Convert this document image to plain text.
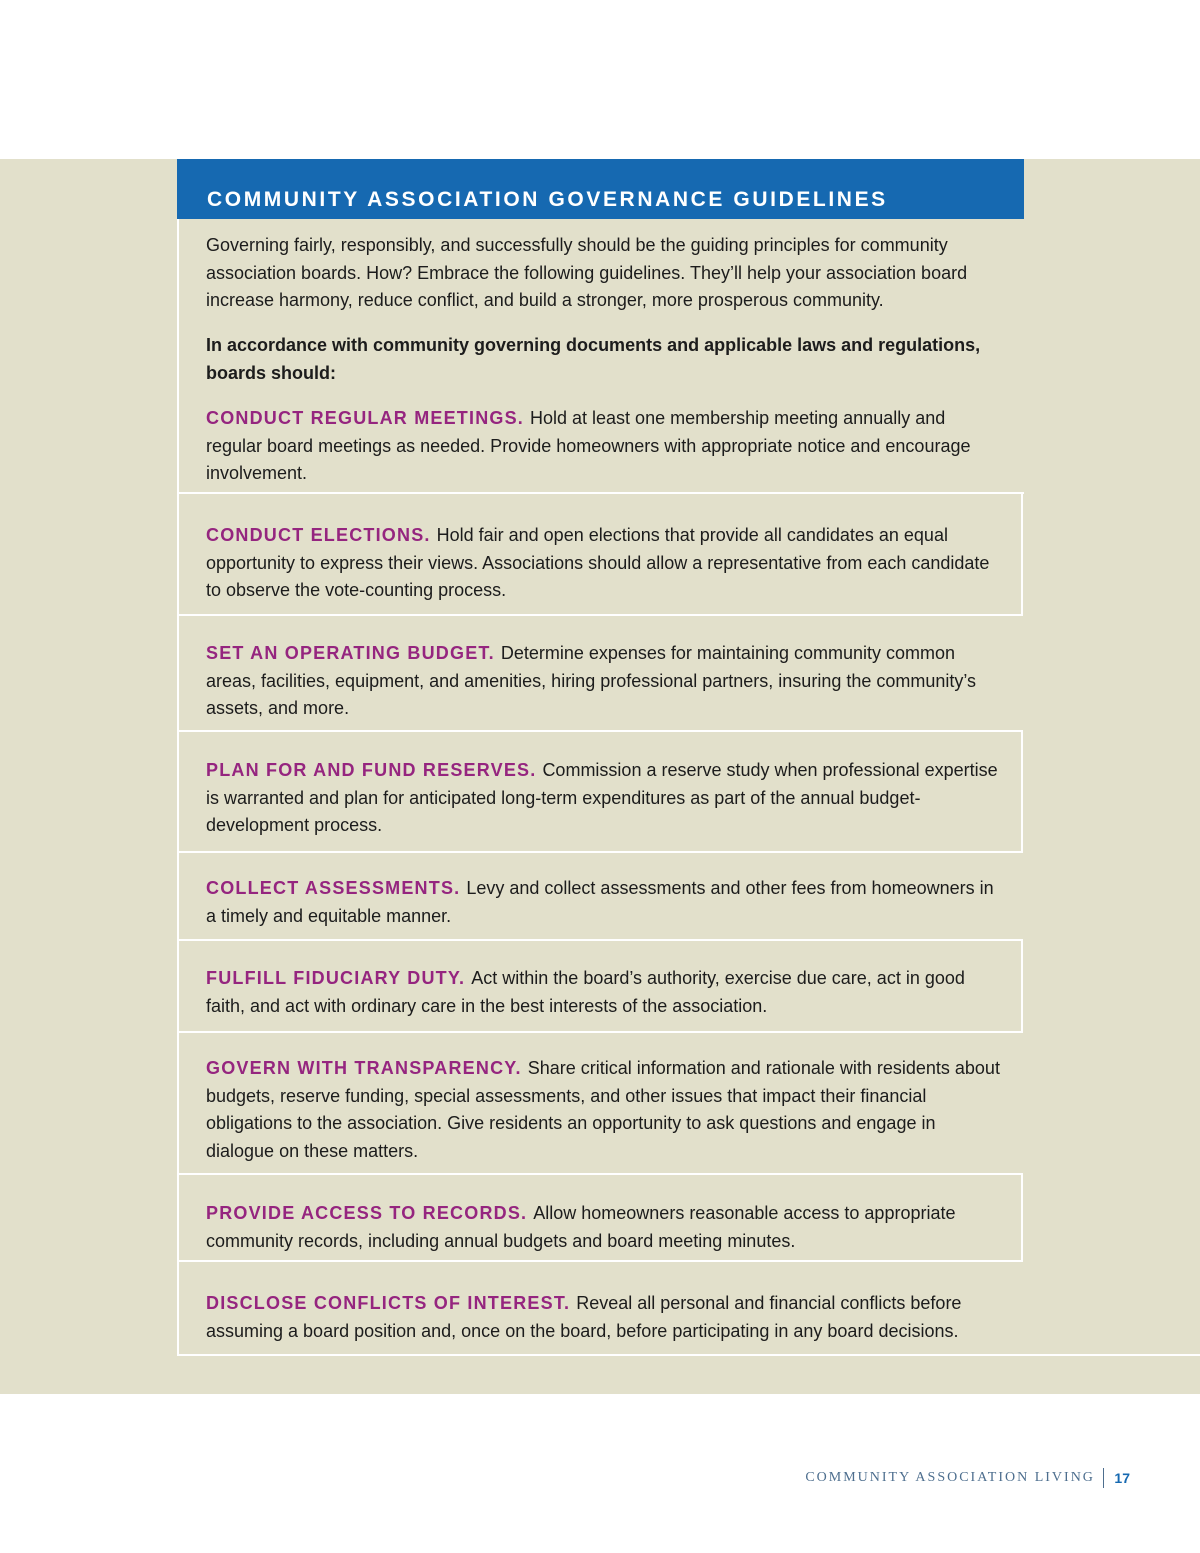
COMMUNITY ASSOCIATION GOVERNANCE GUIDELINES

Governing fairly, responsibly, and successfully should be the guiding principles for community association boards. How? Embrace the following guidelines. They’ll help your association board increase harmony, reduce conflict, and build a stronger, more prosperous community.

In accordance with community governing documents and applicable laws and regulations, boards should:

CONDUCT REGULAR MEETINGS. Hold at least one membership meeting annually and regular board meetings as needed. Provide homeowners with appropriate notice and encourage involvement.

CONDUCT ELECTIONS. Hold fair and open elections that provide all candidates an equal opportunity to express their views. Associations should allow a representative from each candidate to observe the vote-counting process.

SET AN OPERATING BUDGET. Determine expenses for maintaining community common areas, facilities, equipment, and amenities, hiring professional partners, insuring the community’s assets, and more.

PLAN FOR AND FUND RESERVES. Commission a reserve study when professional expertise is warranted and plan for anticipated long-term expenditures as part of the annual budget-development process.

COLLECT ASSESSMENTS. Levy and collect assessments and other fees from homeowners in a timely and equitable manner.

FULFILL FIDUCIARY DUTY. Act within the board’s authority, exercise due care, act in good faith, and act with ordinary care in the best interests of the association.

GOVERN WITH TRANSPARENCY. Share critical information and rationale with residents about budgets, reserve funding, special assessments, and other issues that impact their financial obligations to the association. Give residents an opportunity to ask questions and engage in dialogue on these matters.

PROVIDE ACCESS TO RECORDS. Allow homeowners reasonable access to appropriate community records, including annual budgets and board meeting minutes.

DISCLOSE CONFLICTS OF INTEREST. Reveal all personal and financial conflicts before assuming a board position and, once on the board, before participating in any board decisions.

COMMUNITY ASSOCIATION LIVING 17
